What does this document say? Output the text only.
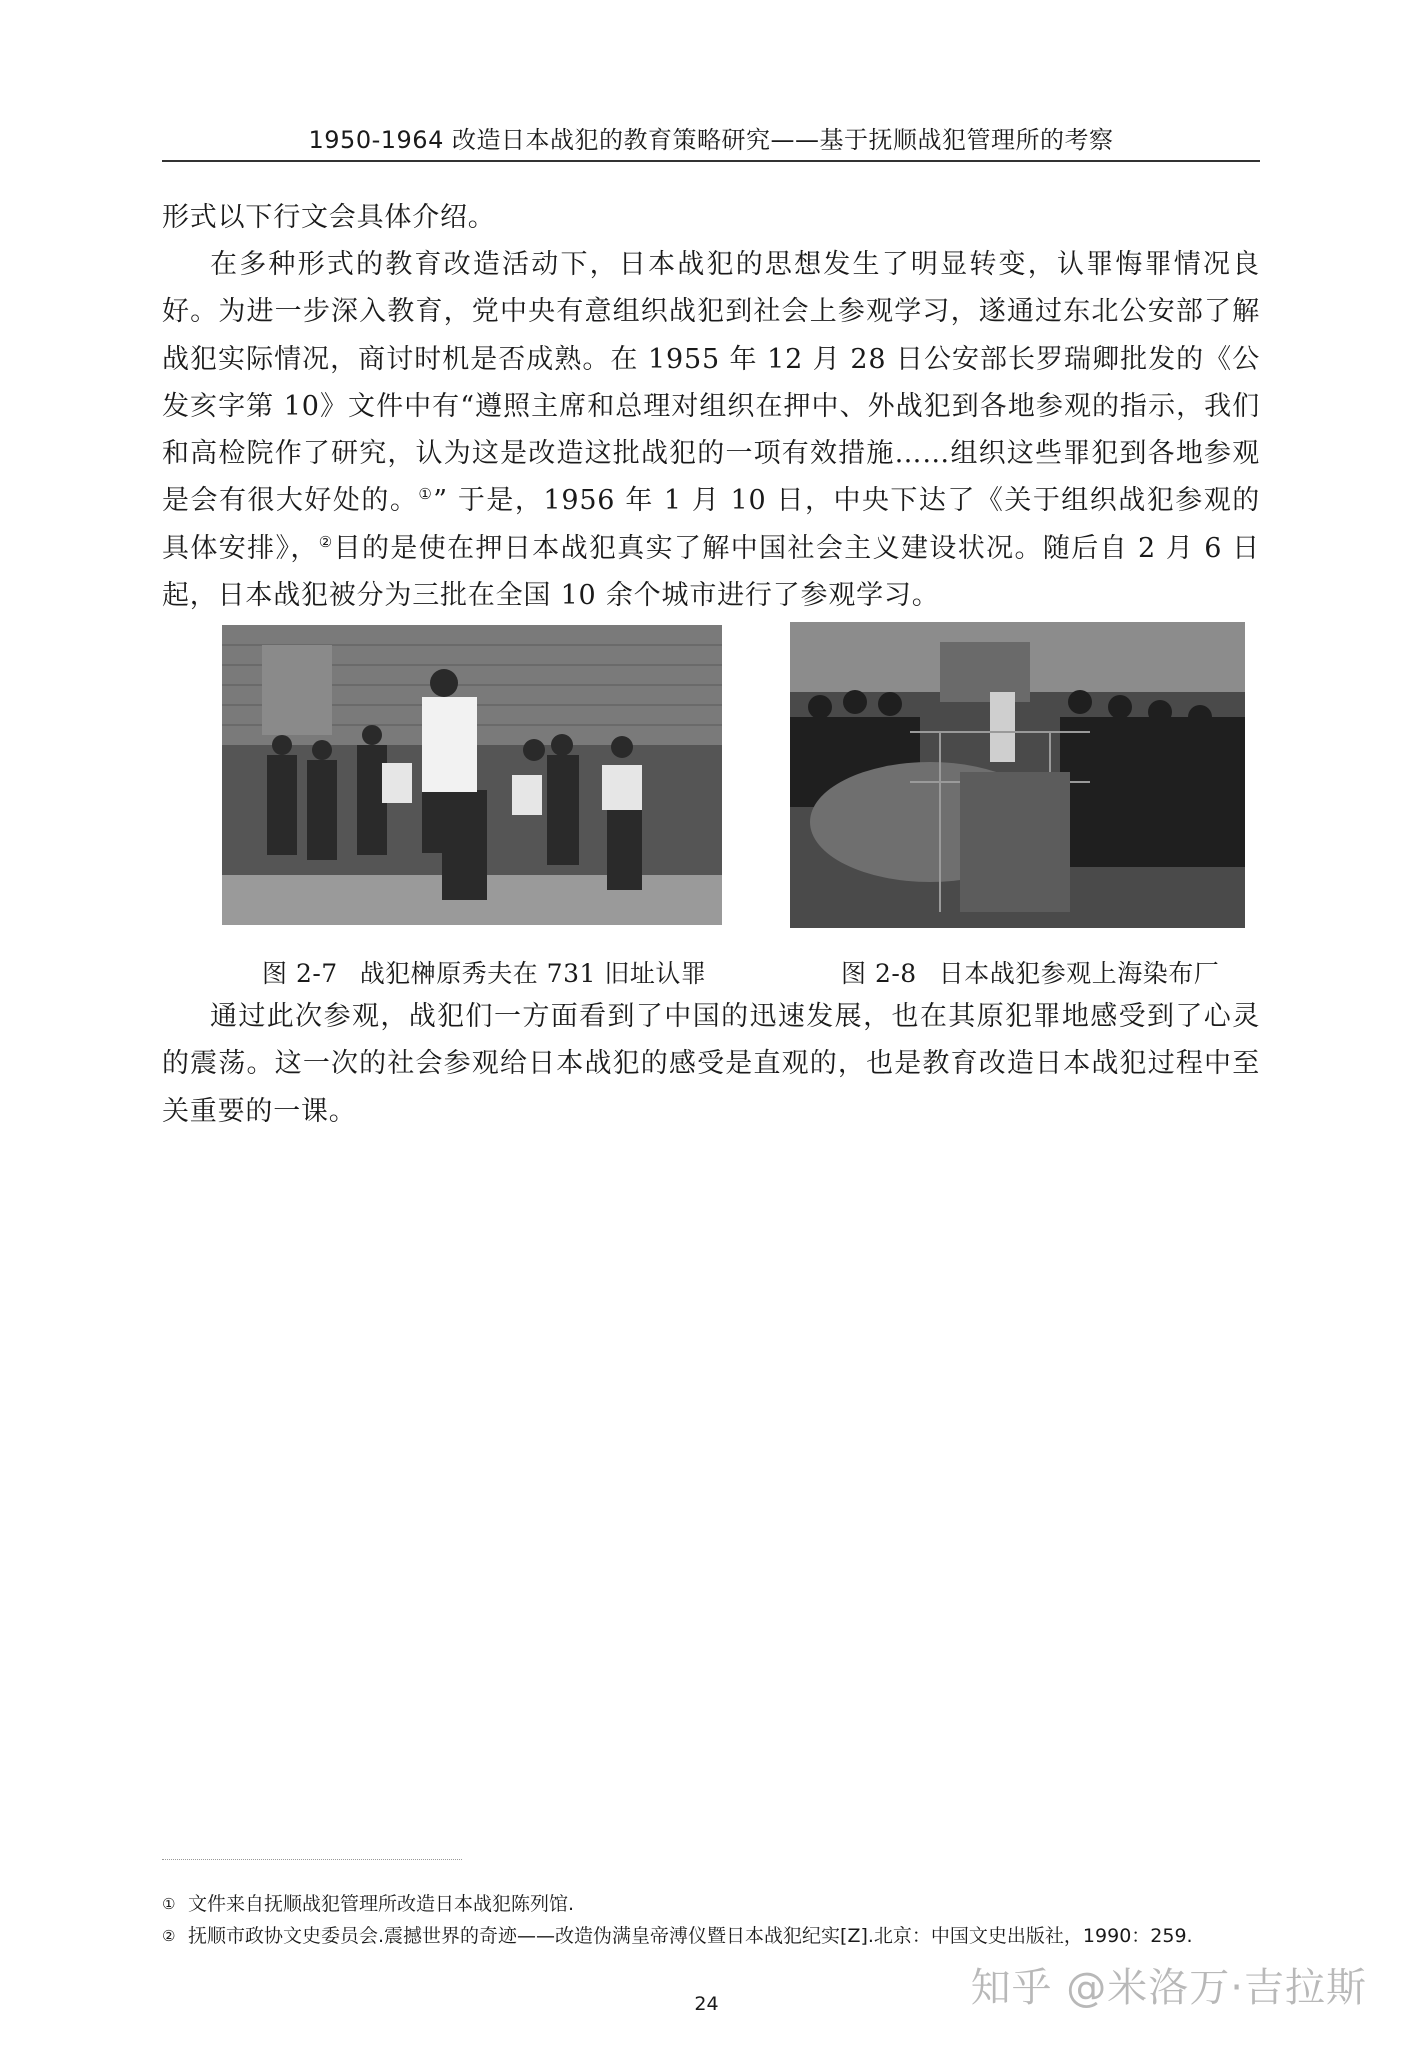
1950-1964 改造日本战犯的教育策略研究——基于抚顺战犯管理所的考察

形式以下行文会具体介绍。

在多种形式的教育改造活动下，日本战犯的思想发生了明显转变，认罪悔罪情况良好。为进一步深入教育，党中央有意组织战犯到社会上参观学习，遂通过东北公安部了解战犯实际情况，商讨时机是否成熟。在 1955 年 12 月 28 日公安部长罗瑞卿批发的《公发亥字第 10》文件中有“遵照主席和总理对组织在押中、外战犯到各地参观的指示，我们和高检院作了研究，认为这是改造这批战犯的一项有效措施……组织这些罪犯到各地参观是会有很大好处的。①” 于是，1956 年 1 月 10 日，中央下达了《关于组织战犯参观的具体安排》，②目的是使在押日本战犯真实了解中国社会主义建设状况。随后自 2 月 6 日起，日本战犯被分为三批在全国 10 余个城市进行了参观学习。

图 2-7 战犯榊原秀夫在 731 旧址认罪	图 2-8 日本战犯参观上海染布厂

通过此次参观，战犯们一方面看到了中国的迅速发展，也在其原犯罪地感受到了心灵的震荡。这一次的社会参观给日本战犯的感受是直观的，也是教育改造日本战犯过程中至关重要的一课。

① 文件来自抚顺战犯管理所改造日本战犯陈列馆.
② 抚顺市政协文史委员会.震撼世界的奇迹——改造伪满皇帝溥仪暨日本战犯纪实[Z].北京：中国文史出版社，1990：259.
24	知乎 @米洛万·吉拉斯
